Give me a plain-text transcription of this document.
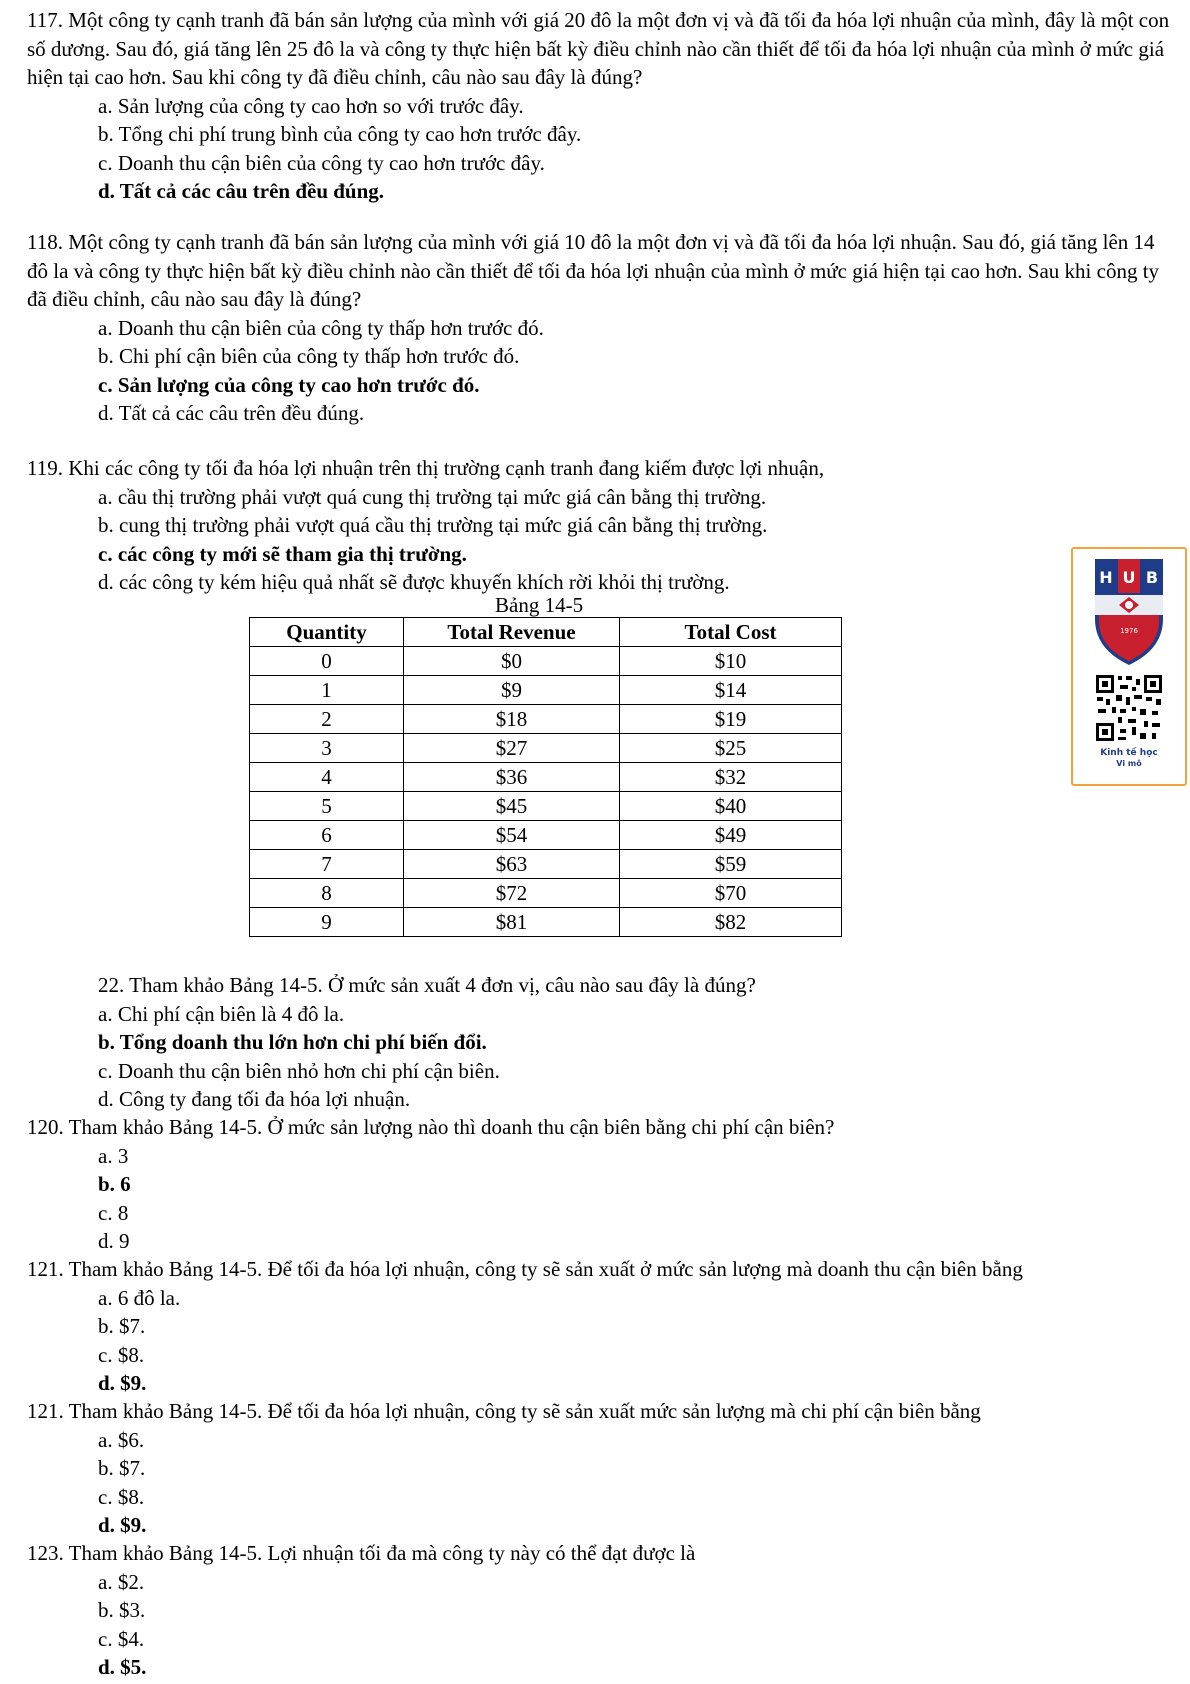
117. Một công ty cạnh tranh đã bán sản lượng của mình với giá 20 đô la một đơn vị và đã tối đa hóa lợi nhuận của mình, đây là một con số dương. Sau đó, giá tăng lên 25 đô la và công ty thực hiện bất kỳ điều chỉnh nào cần thiết để tối đa hóa lợi nhuận của mình ở mức giá hiện tại cao hơn. Sau khi công ty đã điều chỉnh, câu nào sau đây là đúng?

a. Sản lượng của công ty cao hơn so với trước đây.

b. Tổng chi phí trung bình của công ty cao hơn trước đây.

c. Doanh thu cận biên của công ty cao hơn trước đây.

d. Tất cả các câu trên đều đúng.

118. Một công ty cạnh tranh đã bán sản lượng của mình với giá 10 đô la một đơn vị và đã tối đa hóa lợi nhuận. Sau đó, giá tăng lên 14 đô la và công ty thực hiện bất kỳ điều chỉnh nào cần thiết để tối đa hóa lợi nhuận của mình ở mức giá hiện tại cao hơn. Sau khi công ty đã điều chỉnh, câu nào sau đây là đúng?

a. Doanh thu cận biên của công ty thấp hơn trước đó.

b. Chi phí cận biên của công ty thấp hơn trước đó.

c. Sản lượng của công ty cao hơn trước đó.

d. Tất cả các câu trên đều đúng.

119. Khi các công ty tối đa hóa lợi nhuận trên thị trường cạnh tranh đang kiếm được lợi nhuận,

a. cầu thị trường phải vượt quá cung thị trường tại mức giá cân bằng thị trường.

b. cung thị trường phải vượt quá cầu thị trường tại mức giá cân bằng thị trường.

c. các công ty mới sẽ tham gia thị trường.

d. các công ty kém hiệu quả nhất sẽ được khuyến khích rời khỏi thị trường.

Bảng 14-5
Quantity	Total Revenue	Total Cost
0	$0	$10
1	$9	$14
2	$18	$19
3	$27	$25
4	$36	$32
5	$45	$40
6	$54	$49
7	$63	$59
8	$72	$70
9	$81	$82
H U B
1976
Kinh tế học
Vi mô

22. Tham khảo Bảng 14-5. Ở mức sản xuất 4 đơn vị, câu nào sau đây là đúng?

a. Chi phí cận biên là 4 đô la.

b. Tổng doanh thu lớn hơn chi phí biến đổi.

c. Doanh thu cận biên nhỏ hơn chi phí cận biên.

d. Công ty đang tối đa hóa lợi nhuận.

120. Tham khảo Bảng 14-5. Ở mức sản lượng nào thì doanh thu cận biên bằng chi phí cận biên?

a. 3

b. 6

c. 8

d. 9

121. Tham khảo Bảng 14-5. Để tối đa hóa lợi nhuận, công ty sẽ sản xuất ở mức sản lượng mà doanh thu cận biên bằng

a. 6 đô la.

b. $7.

c. $8.

d. $9.

121. Tham khảo Bảng 14-5. Để tối đa hóa lợi nhuận, công ty sẽ sản xuất mức sản lượng mà chi phí cận biên bằng

a. $6.

b. $7.

c. $8.

d. $9.

123. Tham khảo Bảng 14-5. Lợi nhuận tối đa mà công ty này có thể đạt được là

a. $2.

b. $3.

c. $4.

d. $5.
